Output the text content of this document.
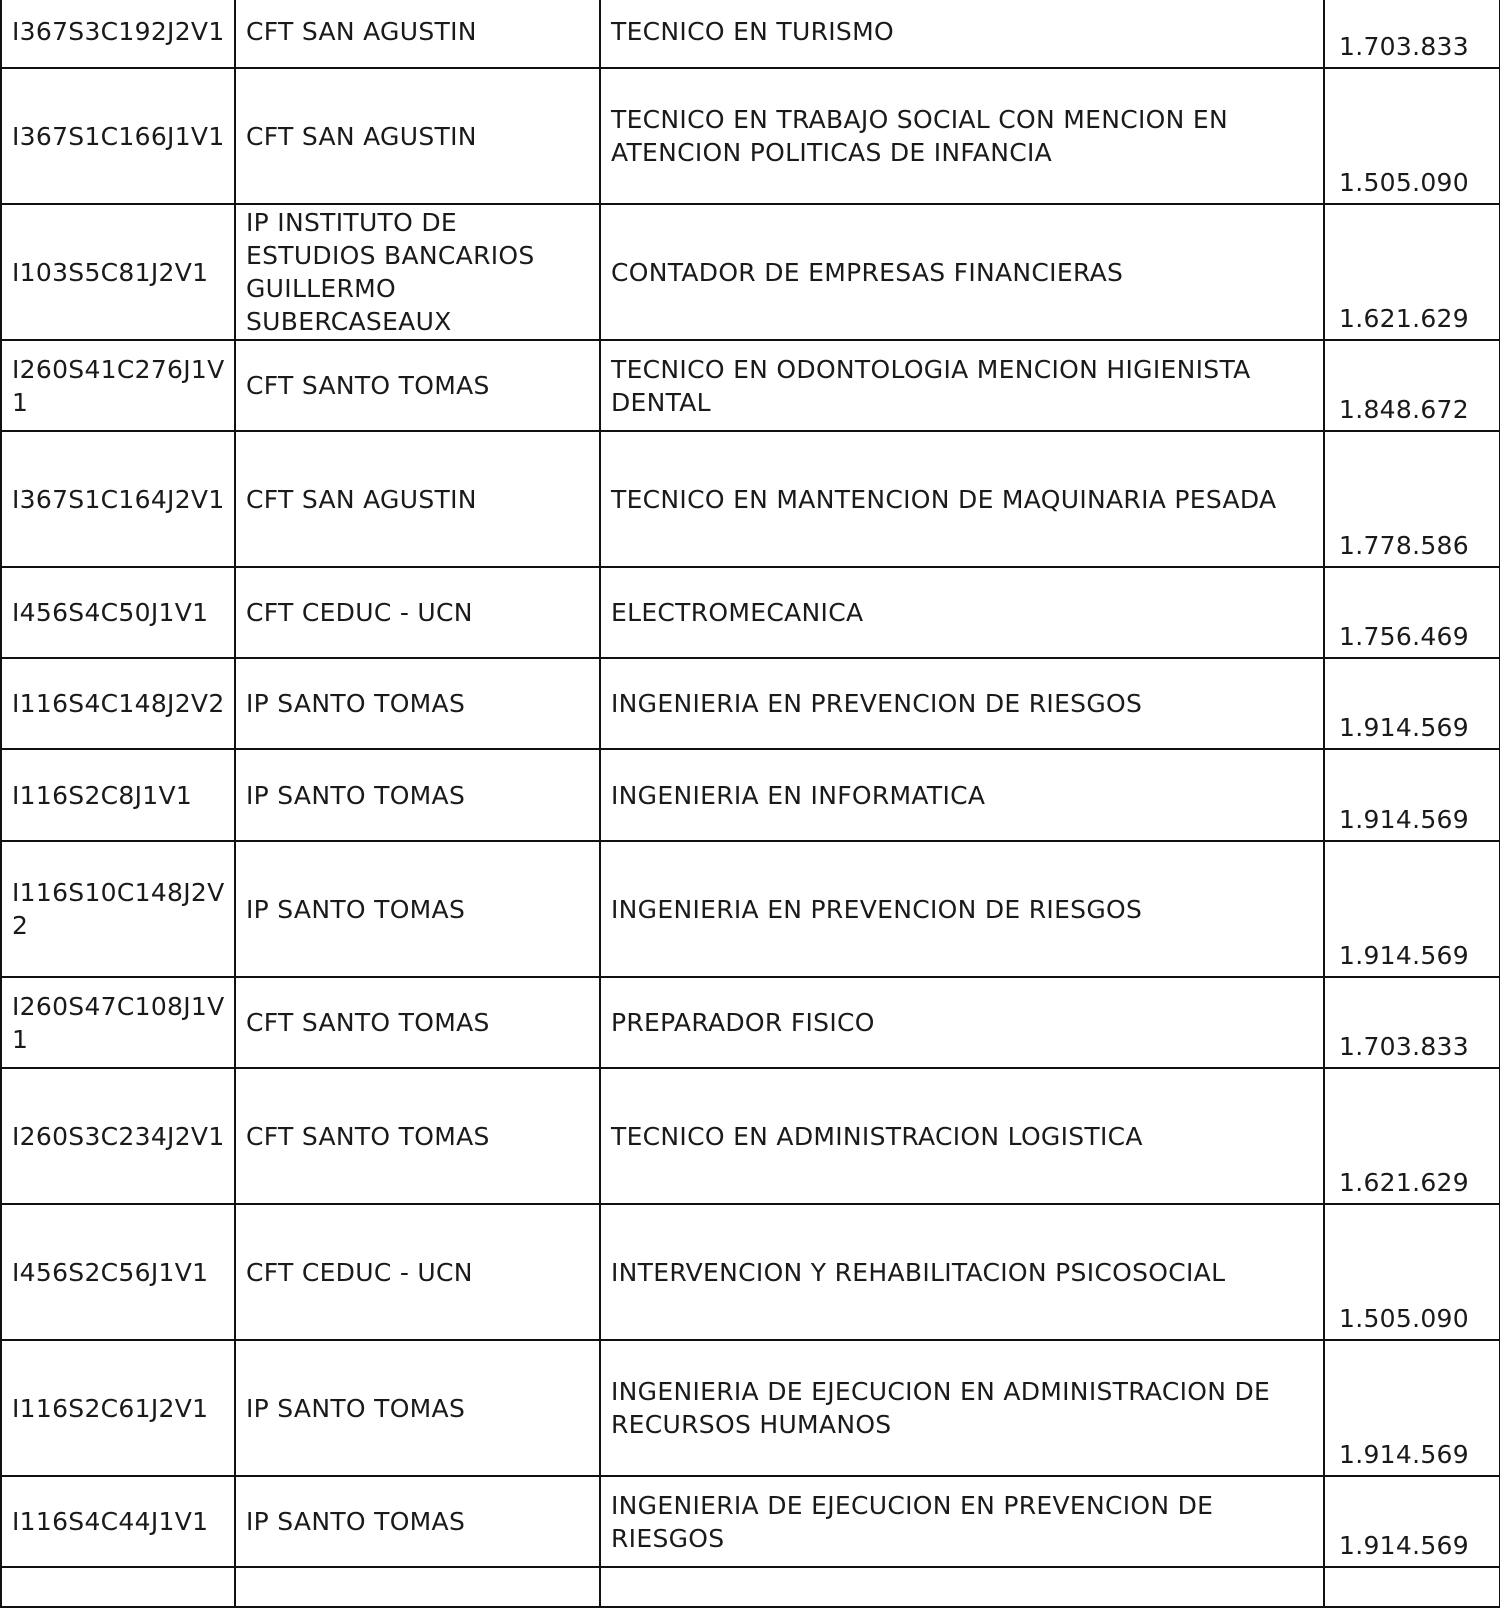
I367S3C192J2V1	CFT SAN AGUSTIN	TECNICO EN TURISMO	1.703.833
I367S1C166J1V1	CFT SAN AGUSTIN	TECNICO EN TRABAJO SOCIAL CON MENCION EN ATENCION POLITICAS DE INFANCIA	1.505.090
I103S5C81J2V1	IP INSTITUTO DE ESTUDIOS BANCARIOS GUILLERMO SUBERCASEAUX	CONTADOR DE EMPRESAS FINANCIERAS	1.621.629
I260S41C276J1V1	CFT SANTO TOMAS	TECNICO EN ODONTOLOGIA MENCION HIGIENISTA DENTAL	1.848.672
I367S1C164J2V1	CFT SAN AGUSTIN	TECNICO EN MANTENCION DE MAQUINARIA PESADA	1.778.586
I456S4C50J1V1	CFT CEDUC - UCN	ELECTROMECANICA	1.756.469
I116S4C148J2V2	IP SANTO TOMAS	INGENIERIA EN PREVENCION DE RIESGOS	1.914.569
I116S2C8J1V1	IP SANTO TOMAS	INGENIERIA EN INFORMATICA	1.914.569
I116S10C148J2V2	IP SANTO TOMAS	INGENIERIA EN PREVENCION DE RIESGOS	1.914.569
I260S47C108J1V1	CFT SANTO TOMAS	PREPARADOR FISICO	1.703.833
I260S3C234J2V1	CFT SANTO TOMAS	TECNICO EN ADMINISTRACION LOGISTICA	1.621.629
I456S2C56J1V1	CFT CEDUC - UCN	INTERVENCION Y REHABILITACION PSICOSOCIAL	1.505.090
I116S2C61J2V1	IP SANTO TOMAS	INGENIERIA DE EJECUCION EN ADMINISTRACION DE RECURSOS HUMANOS	1.914.569
I116S4C44J1V1	IP SANTO TOMAS	INGENIERIA DE EJECUCION EN PREVENCION DE RIESGOS	1.914.569
